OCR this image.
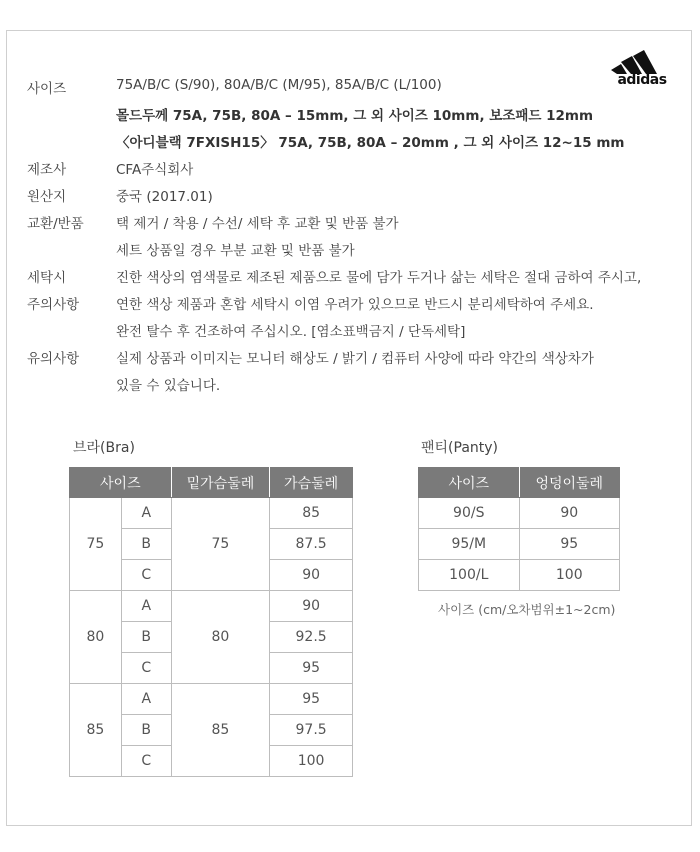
adidas
사이즈	75A/B/C (S/90), 80A/B/C (M/95), 85A/B/C (L/100)
몰드두께 75A, 75B, 80A – 15mm, 그 외 사이즈 10mm, 보조패드 12mm
〈아디블랙 7FXISH15〉 75A, 75B, 80A – 20mm , 그 외 사이즈 12~15 mm
제조사	CFA주식회사
원산지	중국 (2017.01)
교환/반품 택 제거 / 착용 / 수선/ 세탁 후 교환 및 반품 불가
세트 상품일 경우 부분 교환 및 반품 불가
세탁시
주의사항
진한 색상의 염색물로 제조된 제품으로 물에 담가 두거나 삶는 세탁은 절대 금하여 주시고,
연한 색상 제품과 혼합 세탁시 이염 우려가 있으므로 반드시 분리세탁하여 주세요.
완전 탈수 후 건조하여 주십시오. [염소표백금지 / 단독세탁]
유의사항	실제 상품과 이미지는 모니터 해상도 / 밝기 / 컴퓨터 사양에 따라 약간의 색상차가
있을 수 있습니다.
브라(Bra)
사이즈		밑가슴둘레	가슴둘레
75	A	75	85
	B		87.5
	C		90
80	A	80	90
	B		92.5
	C		95
85	A	85	95
	B		97.5
	C		100
팬티(Panty)
사이즈	엉덩이둘레
90/S	90
95/M	95
100/L	100
사이즈 (cm/오차범위±1~2cm)
